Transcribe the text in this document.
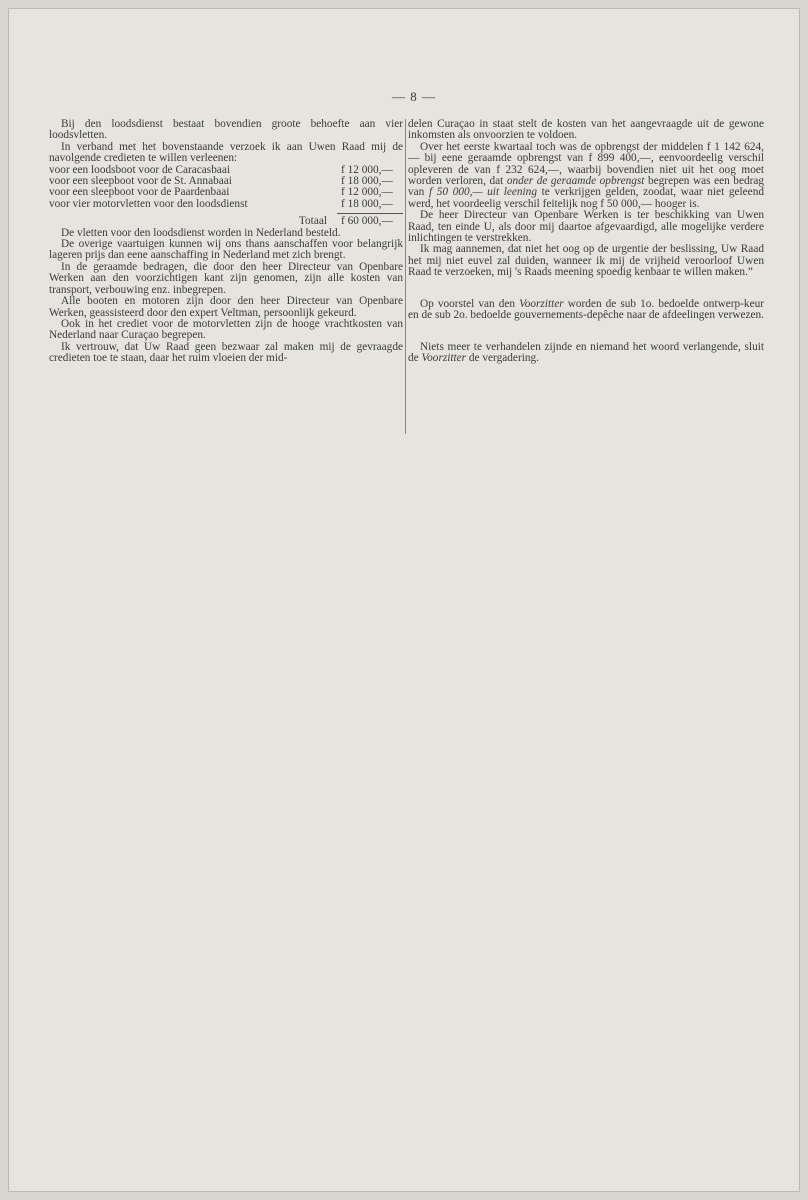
— 8 —

Bij den loodsdienst bestaat bovendien groote behoefte aan vier loodsvletten.

In verband met het bovenstaande verzoek ik aan Uwen Raad mij de navolgende credieten te willen verleenen:

voor een loodsboot voor de Caracasbaai	f 12 000,—
voor een sleepboot voor de St. Annabaai	f 18 000,—
voor een sleepboot voor de Paardenbaai	f 12 000,—
voor vier motorvletten voor den loodsdienst	f 18 000,—
Totaal f 60 000,—

De vletten voor den loodsdienst worden in Nederland besteld.

De overige vaartuigen kunnen wij ons thans aanschaffen voor belangrijk lageren prijs dan eene aanschaffing in Nederland met zich brengt.

In de geraamde bedragen, die door den heer Directeur van Openbare Werken aan den voorzichtigen kant zijn genomen, zijn alle kosten van transport, verbouwing enz. inbegrepen.

Alle booten en motoren zijn door den heer Directeur van Openbare Werken, geassisteerd door den expert Veltman, persoonlijk gekeurd.

Ook in het crediet voor de motorvletten zijn de hooge vrachtkosten van Nederland naar Curaçao begrepen.

Ik vertrouw, dat Uw Raad geen bezwaar zal maken mij de gevraagde credieten toe te staan, daar het ruim vloeien der mid-

delen Curaçao in staat stelt de kosten van het aangevraagde uit de gewone inkomsten als onvoorzien te voldoen.

Over het eerste kwartaal toch was de opbrengst der middelen f 1 142 624,— bij eene geraamde opbrengst van f 899 400,—, eenvoordeelig verschil opleveren de van f 232 624,—, waarbij bovendien niet uit het oog moet worden verloren, dat onder de geraamde opbrengst begrepen was een bedrag van f 50 000,— uit leening te verkrijgen gelden, zoodat, waar niet geleend werd, het voordeelig verschil feitelijk nog f 50 000,— hooger is.

De heer Directeur van Openbare Werken is ter beschikking van Uwen Raad, ten einde U, als door mij daartoe afgevaardigd, alle mogelijke verdere inlichtingen te verstrekken.

Ik mag aannemen, dat niet het oog op de urgentie der beslissing, Uw Raad het mij niet euvel zal duiden, wanneer ik mij de vrijheid veroorloof Uwen Raad te verzoeken, mij 's Raads meening spoedig kenbaar te willen maken.”

Op voorstel van den Voorzitter worden de sub 1o. bedoelde ontwerp-keur en de sub 2o. bedoelde gouvernements-depêche naar de afdeelingen verwezen.

Niets meer te verhandelen zijnde en niemand het woord verlangende, sluit de Voorzitter de vergadering.
